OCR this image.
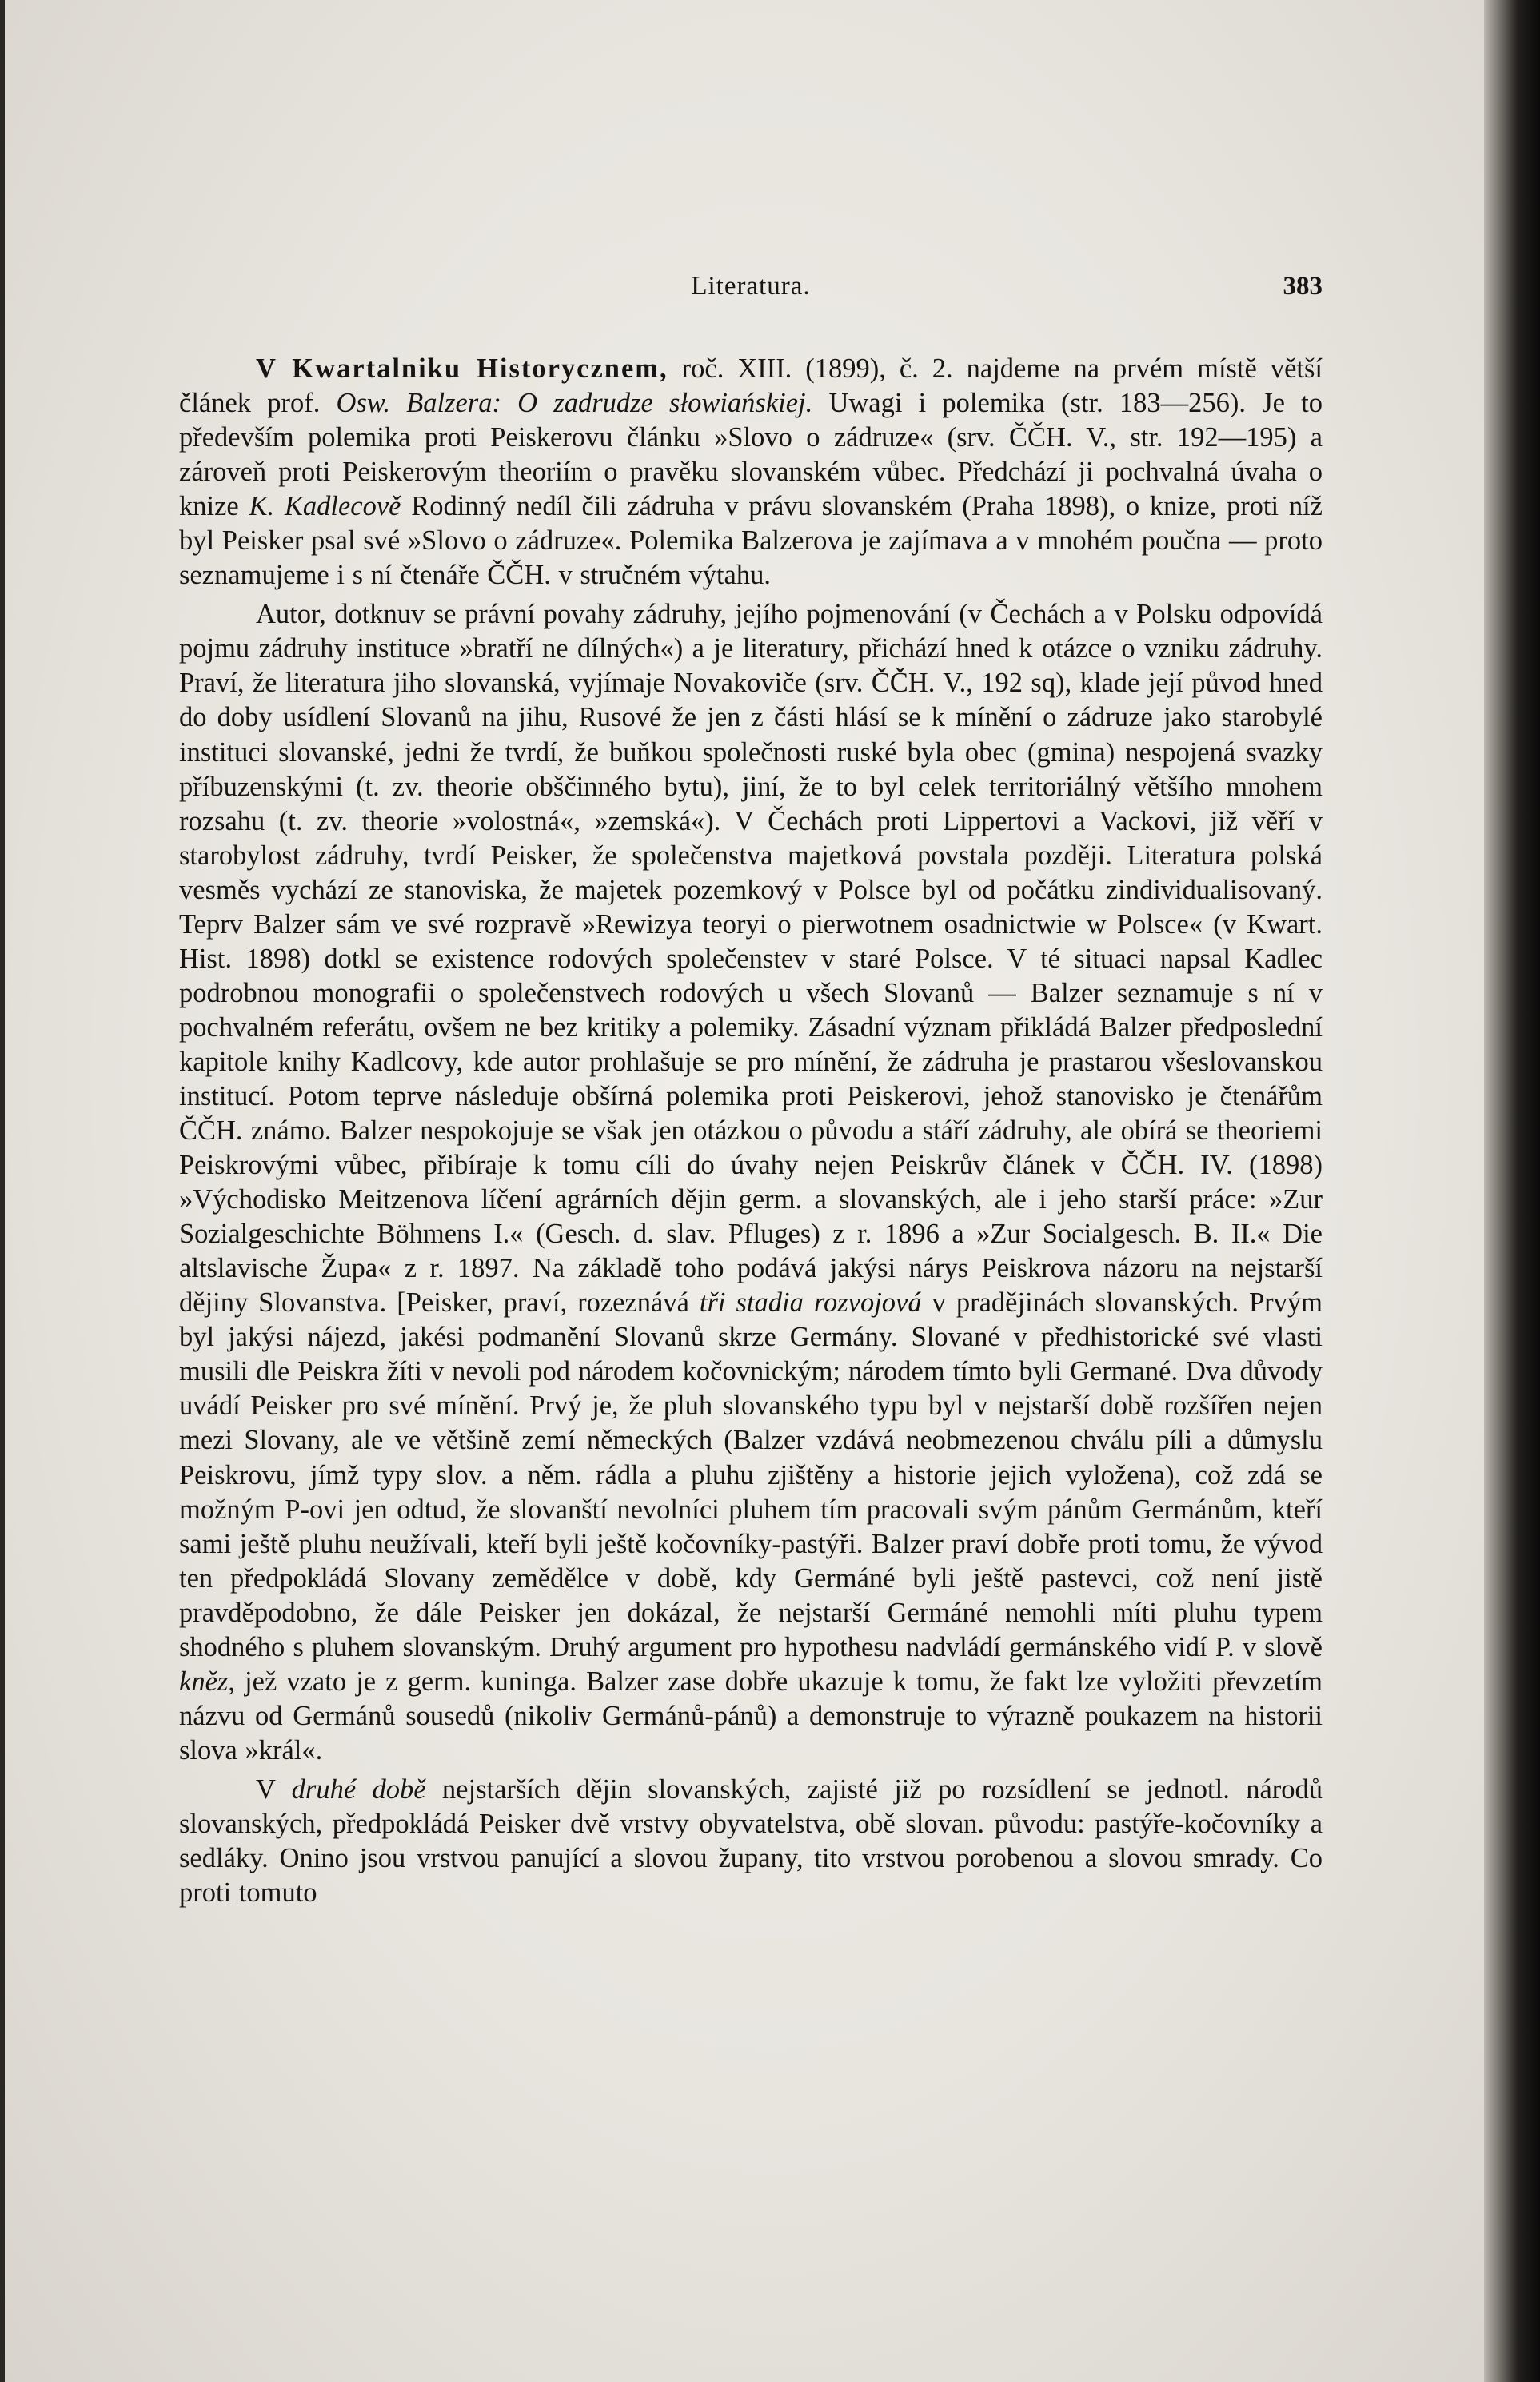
Literatura.	383

V Kwartalniku Historycznem, roč. XIII. (1899), č. 2. najdeme na prvém místě větší článek prof. Osw. Balzera: O zadrudze słowiańskiej. Uwagi i polemika (str. 183—256). Je to především polemika proti Peiskerovu článku »Slovo o zádruze« (srv. ČČH. V., str. 192—195) a zároveň proti Peiskerovým theoriím o pravěku slovanském vůbec. Předchází ji pochvalná úvaha o knize K. Kadlecově Rodinný nedíl čili zádruha v právu slovanském (Praha 1898), o knize, proti níž byl Peisker psal své »Slovo o zádruze«. Polemika Balzerova je zajímava a v mnohém poučna — proto seznamujeme i s ní čtenáře ČČH. v stručném výtahu.

Autor, dotknuv se právní povahy zádruhy, jejího pojmenování (v Čechách a v Polsku odpovídá pojmu zádruhy instituce »bratří ne dílných«) a je literatury, přichází hned k otázce o vzniku zádruhy. Praví, že literatura jiho slovanská, vyjímaje Novakoviče (srv. ČČH. V., 192 sq), klade její původ hned do doby usídlení Slovanů na jihu, Rusové že jen z části hlásí se k mínění o zádruze jako starobylé instituci slovanské, jedni že tvrdí, že buňkou společnosti ruské byla obec (gmina) nespojená svazky příbuzenskými (t. zv. theorie obščinného bytu), jiní, že to byl celek territoriálný většího mnohem rozsahu (t. zv. theorie »volostná«, »zemská«). V Čechách proti Lippertovi a Vackovi, již věří v starobylost zádruhy, tvrdí Peisker, že společenstva majetková povstala později. Literatura polská vesměs vychází ze stanoviska, že majetek pozemkový v Polsce byl od počátku zindividualisovaný. Teprv Balzer sám ve své rozpravě »Rewizya teoryi o pierwotnem osadnictwie w Polsce« (v Kwart. Hist. 1898) dotkl se existence rodových společenstev v staré Polsce. V té situaci napsal Kadlec podrobnou monografii o společenstvech rodových u všech Slovanů — Balzer seznamuje s ní v pochvalném referátu, ovšem ne bez kritiky a polemiky. Zásadní význam přikládá Balzer předposlední kapitole knihy Kadlcovy, kde autor prohlašuje se pro mínění, že zádruha je prastarou všeslovanskou institucí. Potom teprve následuje obšírná polemika proti Peiskerovi, jehož stanovisko je čtenářům ČČH. známo. Balzer nespokojuje se však jen otázkou o původu a stáří zádruhy, ale obírá se theoriemi Peiskrovými vůbec, přibíraje k tomu cíli do úvahy nejen Peiskrův článek v ČČH. IV. (1898) »Východisko Meitzenova líčení agrárních dějin germ. a slovanských, ale i jeho starší práce: »Zur Sozialgeschichte Böhmens I.« (Gesch. d. slav. Pfluges) z r. 1896 a »Zur Socialgesch. B. II.« Die altslavische Župa« z r. 1897. Na základě toho podává jakýsi nárys Peiskrova názoru na nejstarší dějiny Slovanstva. [Peisker, praví, rozeznává tři stadia rozvojová v pradějinách slovanských. Prvým byl jakýsi nájezd, jakési podmanění Slovanů skrze Germány. Slované v předhistorické své vlasti musili dle Peiskra žíti v nevoli pod národem kočovnickým; národem tímto byli Germané. Dva důvody uvádí Peisker pro své mínění. Prvý je, že pluh slovanského typu byl v nejstarší době rozšířen nejen mezi Slovany, ale ve většině zemí německých (Balzer vzdává neobmezenou chválu píli a důmyslu Peiskrovu, jímž typy slov. a něm. rádla a pluhu zjištěny a historie jejich vyložena), což zdá se možným P-ovi jen odtud, že slovanští nevolníci pluhem tím pracovali svým pánům Germánům, kteří sami ještě pluhu neužívali, kteří byli ještě kočovníky-pastýři. Balzer praví dobře proti tomu, že vývod ten předpokládá Slovany zemědělce v době, kdy Germáné byli ještě pastevci, což není jistě pravděpodobno, že dále Peisker jen dokázal, že nejstarší Germáné nemohli míti pluhu typem shodného s pluhem slovanským. Druhý argument pro hypothesu nadvládí germánského vidí P. v slově kněz, jež vzato je z germ. kuninga. Balzer zase dobře ukazuje k tomu, že fakt lze vyložiti převzetím názvu od Germánů sousedů (nikoliv Germánů-pánů) a demonstruje to výrazně poukazem na historii slova »král«.

V druhé době nejstarších dějin slovanských, zajisté již po rozsídlení se jednotl. národů slovanských, předpokládá Peisker dvě vrstvy obyvatelstva, obě slovan. původu: pastýře-kočovníky a sedláky. Onino jsou vrstvou panující a slovou župany, tito vrstvou porobenou a slovou smrady. Co proti tomuto
